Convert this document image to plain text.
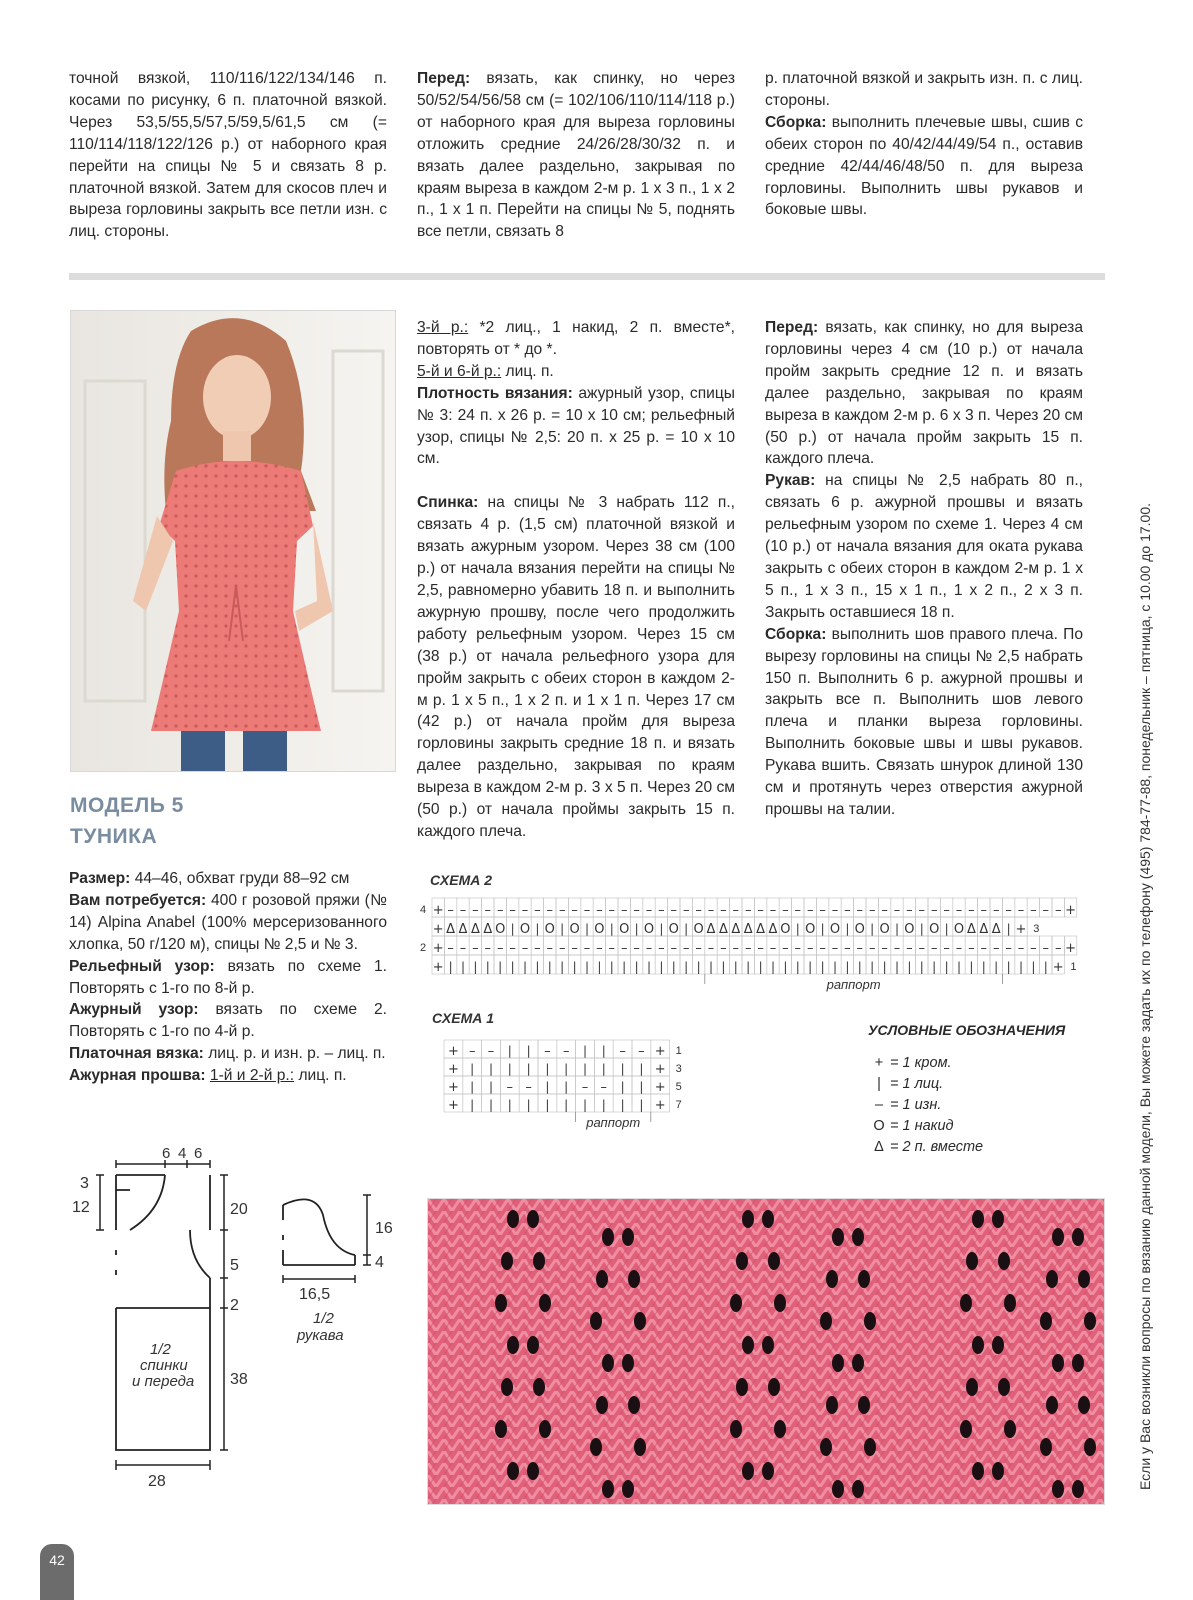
точной вязкой, 110/116/122/134/146 п. косами по рисунку, 6 п. платочной вязкой. Через 53,5/55,5/57,5/59,5/61,5 см (= 110/114/118/122/126 р.) от наборного края перейти на спицы № 5 и связать 8 р. платочной вязкой. Затем для скосов плеч и выреза горловины закрыть все петли изн. с лиц. стороны.

Перед: вязать, как спинку, но через 50/52/54/56/58 см (= 102/106/110/114/118 р.) от наборного края для выреза горловины отложить средние 24/26/28/30/32 п. и вязать далее раздельно, закрывая по краям выреза в каждом 2-м р. 1 x 3 п., 1 x 2 п., 1 x 1 п. Перейти на спицы № 5, поднять все петли, связать 8

р. платочной вязкой и закрыть изн. п. с лиц. стороны.

Сборка: выполнить плечевые швы, сшив с обеих сторон по 40/42/44/49/54 п., оставив средние 42/44/46/48/50 п. для выреза горловины. Выполнить швы рукавов и боковые швы.

МОДЕЛЬ 5
ТУНИКА

Размер: 44–46, обхват груди 88–92 см

Вам потребуется: 400 г розовой пряжи (№ 14) Alpina Anabel (100% мерсеризованного хлопка, 50 г/120 м), спицы № 2,5 и № 3.

Рельефный узор: вязать по схеме 1. Повторять с 1-го по 8-й р.

Ажурный узор: вязать по схеме 2. Повторять с 1-го по 4-й р.

Платочная вязка: лиц. р. и изн. р. – лиц. п.

Ажурная прошва: 1-й и 2-й р.: лиц. п.

3-й р.: *2 лиц., 1 накид, 2 п. вместе*, повторять от * до *.

5-й и 6-й р.: лиц. п.

Плотность вязания: ажурный узор, спицы № 3: 24 п. x 26 р. = 10 x 10 см; рельефный узор, спицы № 2,5: 20 п. x 25 р. = 10 x 10 см.

Спинка: на спицы № 3 набрать 112 п., связать 4 р. (1,5 см) платочной вязкой и вязать ажурным узором. Через 38 см (100 р.) от начала вязания перейти на спицы № 2,5, равномерно убавить 18 п. и выполнить ажурную прошву, после чего продолжить работу рельефным узором. Через 15 см (38 р.) от начала рельефного узора для пройм закрыть с обеих сторон в каждом 2-м р. 1 x 5 п., 1 x 2 п. и 1 x 1 п. Через 17 см (42 р.) от начала пройм для выреза горловины закрыть средние 18 п. и вязать далее раздельно, закрывая по краям выреза в каждом 2-м р. 3 x 5 п. Через 20 см (50 р.) от начала проймы закрыть 15 п. каждого плеча.

Перед: вязать, как спинку, но для выреза горловины через 4 см (10 р.) от начала пройм закрыть средние 12 п. и вязать далее раздельно, закрывая по краям выреза в каждом 2-м р. 6 x 3 п. Через 20 см (50 р.) от начала пройм закрыть 15 п. каждого плеча.

Рукав: на спицы № 2,5 набрать 80 п., связать 6 р. ажурной прошвы и вязать рельефным узором по схеме 1. Через 4 см (10 р.) от начала вязания для оката рукава закрыть с обеих сторон в каждом 2-м р. 1 x 5 п., 1 x 3 п., 15 x 1 п., 1 x 2 п., 2 x 3 п. Закрыть оставшиеся 18 п.

Сборка: выполнить шов правого плеча. По вырезу горловины на спицы № 2,5 набрать 150 п. Выполнить 6 р. ажурной прошвы и закрыть все п. Выполнить шов левого плеча и планки выреза горловины. Выполнить боковые швы и швы рукавов. Рукава вшить. Связать шнурок длиной 130 см и протянуть через отверстия ажурной прошвы на талии.

СХЕМА 2
+ – – – – – – – – – – – – – – – – – – – – – – – – – – – – – – – – – – – – – – – – – – – – – – – – – – +
+ Δ Δ Δ Δ O | O | O | O | O | O | O | O | O Δ Δ Δ Δ Δ Δ O | O | O | O | O | O | O | O Δ Δ Δ | +
+ – – – – – – – – – – – – – – – – – – – – – – – – – – – – – – – – – – – – – – – – – – – – – – – – – – +
+ | | | | | | | | | | | | | | | | | | | | | | | | | | | | | | | | | | | | | | | | | | | | | | | | | +
3
1
4
2
раппорт
СХЕМА 1
+ – – | | – – | | – – + 1
+ | | | | | | | | | | + 3
+ | | – – | | – – | | + 5
+ | | | | | | | | | | + 7
раппорт
УСЛОВНЫЕ ОБОЗНАЧЕНИЯ
+ = 1 кром.
| = 1 лиц.
– = 1 изн.
O = 1 накид
Δ = 2 п. вместе
6 4 6
3
12	20
5
2
38
28
1/2
спинки
и переда
16
4
16,5
1/2
рукава	Если у Вас возникли вопросы по вязанию данной модели, Вы можете задать их по телефону (495) 784-77-88, понедельник – пятница, с 10.00 до 17.00.
42
